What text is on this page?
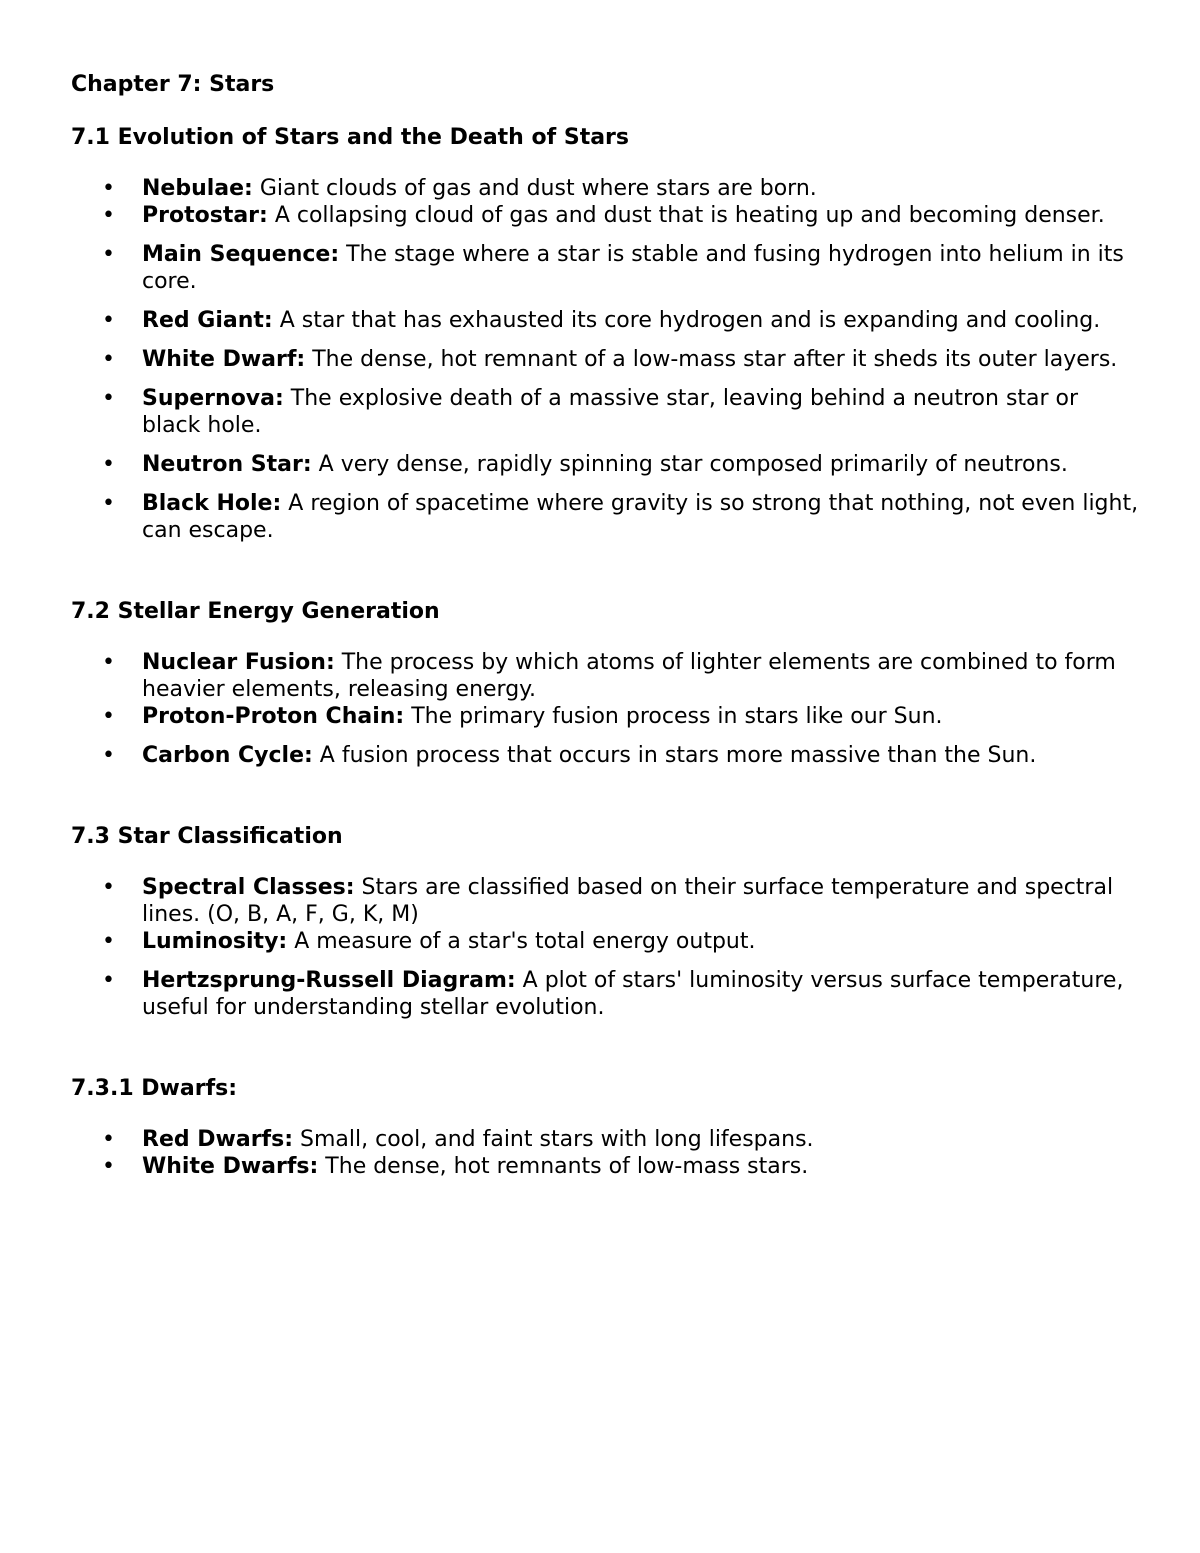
Chapter 7: Stars
7.1 Evolution of Stars and the Death of Stars
• Nebulae: Giant clouds of gas and dust where stars are born.
• Protostar: A collapsing cloud of gas and dust that is heating up and becoming denser.
• Main Sequence: The stage where a star is stable and fusing hydrogen into helium in its core.
• Red Giant: A star that has exhausted its core hydrogen and is expanding and cooling.
• White Dwarf: The dense, hot remnant of a low-mass star after it sheds its outer layers.
• Supernova: The explosive death of a massive star, leaving behind a neutron star or black hole.
• Neutron Star: A very dense, rapidly spinning star composed primarily of neutrons.
• Black Hole: A region of spacetime where gravity is so strong that nothing, not even light, can escape.
7.2 Stellar Energy Generation
• Nuclear Fusion: The process by which atoms of lighter elements are combined to form heavier elements, releasing energy.
• Proton-Proton Chain: The primary fusion process in stars like our Sun.
• Carbon Cycle: A fusion process that occurs in stars more massive than the Sun.
7.3 Star Classification
• Spectral Classes: Stars are classified based on their surface temperature and spectral lines. (O, B, A, F, G, K, M)
• Luminosity: A measure of a star's total energy output.
• Hertzsprung-Russell Diagram: A plot of stars' luminosity versus surface temperature, useful for understanding stellar evolution.
7.3.1 Dwarfs:
• Red Dwarfs: Small, cool, and faint stars with long lifespans.
• White Dwarfs: The dense, hot remnants of low-mass stars.
